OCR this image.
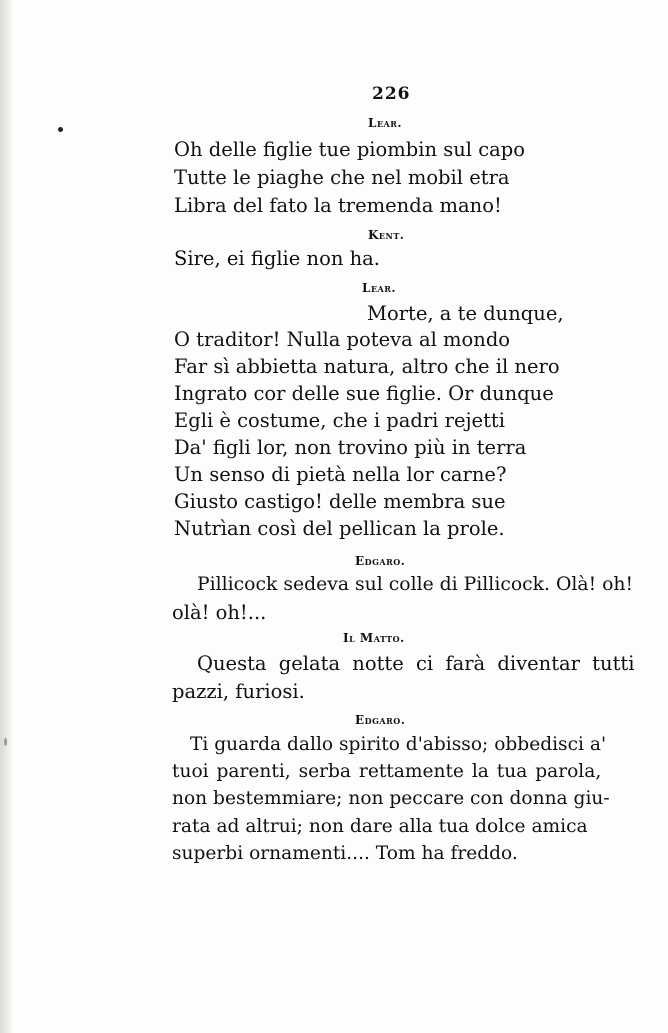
226
Lear.
Oh delle figlie tue piombin sul capo
Tutte le piaghe che nel mobil etra
Libra del fato la tremenda mano!
Kent.
Sire, ei figlie non ha.
Lear.
Morte, a te dunque,
O traditor! Nulla poteva al mondo
Far sì abbietta natura, altro che il nero
Ingrato cor delle sue figlie. Or dunque
Egli è costume, che i padri rejetti
Da' figli lor, non trovino più in terra
Un senso di pietà nella lor carne?
Giusto castigo! delle membra sue
Nutrìan così del pellican la prole.
Edgaro.
Pillicock sedeva sul colle di Pillicock. Olà! oh!
olà! oh!...
Il Matto.
Questa gelata notte ci farà diventar tutti
pazzi, furiosi.
Edgaro.
Ti guarda dallo spirito d'abisso; obbedisci a'
tuoi parenti, serba rettamente la tua parola,
non bestemmiare; non peccare con donna giu-
rata ad altrui; non dare alla tua dolce amica
superbi ornamenti.... Tom ha freddo.
